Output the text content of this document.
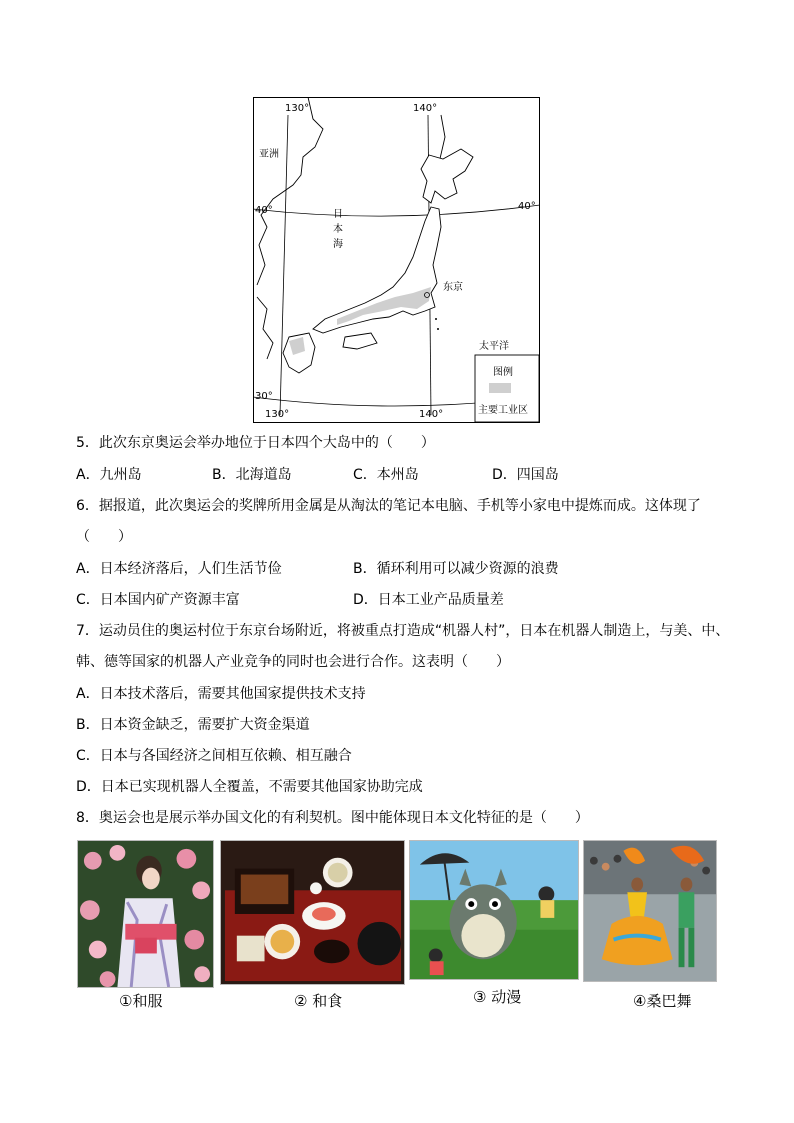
130°	140°
亚洲
40°	40°
日
本
海
东京
太平洋
30°
130°	140°
图例
主要工业区
5．此次东京奥运会举办地位于日本四个大岛中的（　　）
A．九州岛	B．北海道岛	C．本州岛	D．四国岛
6．据报道，此次奥运会的奖牌所用金属是从淘汰的笔记本电脑、手机等小家电中提炼而成。这体现了
（　　）
A．日本经济落后，人们生活节俭	B．循环利用可以减少资源的浪费
C．日本国内矿产资源丰富	D．日本工业产品质量差
7．运动员住的奥运村位于东京台场附近，将被重点打造成“机器人村”，日本在机器人制造上，与美、中、
韩、德等国家的机器人产业竞争的同时也会进行合作。这表明（　　）
A．日本技术落后，需要其他国家提供技术支持
B．日本资金缺乏，需要扩大资金渠道
C．日本与各国经济之间相互依赖、相互融合
D．日本已实现机器人全覆盖，不需要其他国家协助完成
8．奥运会也是展示举办国文化的有利契机。图中能体现日本文化特征的是（　　）
①和服	② 和食	③ 动漫	④桑巴舞
